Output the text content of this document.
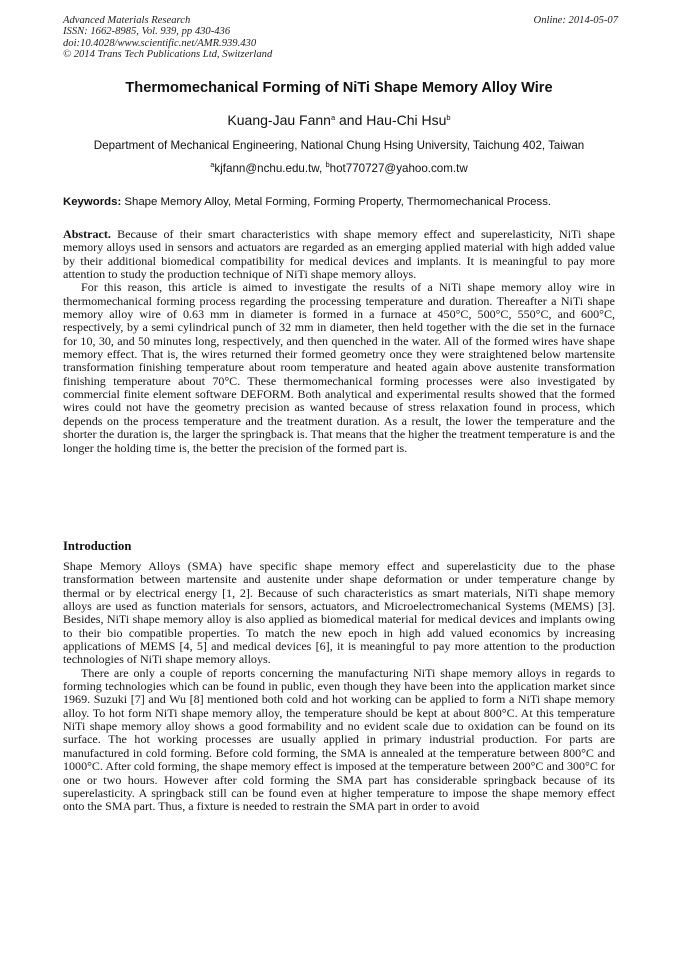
Advanced Materials Research
ISSN: 1662-8985, Vol. 939, pp 430-436
doi:10.4028/www.scientific.net/AMR.939.430
© 2014 Trans Tech Publications Ltd, Switzerland
Online: 2014-05-07
Thermomechanical Forming of NiTi Shape Memory Alloy Wire
Kuang-Jau Fann$^a$ and Hau-Chi Hsu$^b$
Department of Mechanical Engineering, National Chung Hsing University, Taichung 402, Taiwan
$^a$kjfann@nchu.edu.tw, $^b$hot770727@yahoo.com.tw
Keywords: Shape Memory Alloy, Metal Forming, Forming Property, Thermomechanical Process.

Abstract. Because of their smart characteristics with shape memory effect and superelasticity, NiTi shape memory alloys used in sensors and actuators are regarded as an emerging applied material with high added value by their additional biomedical compatibility for medical devices and implants. It is meaningful to pay more attention to study the production technique of NiTi shape memory alloys.

For this reason, this article is aimed to investigate the results of a NiTi shape memory alloy wire in thermomechanical forming process regarding the processing temperature and duration. Thereafter a NiTi shape memory alloy wire of 0.63 mm in diameter is formed in a furnace at 450°C, 500°C, 550°C, and 600°C, respectively, by a semi cylindrical punch of 32 mm in diameter, then held together with the die set in the furnace for 10, 30, and 50 minutes long, respectively, and then quenched in the water. All of the formed wires have shape memory effect. That is, the wires returned their formed geometry once they were straightened below martensite transformation finishing temperature about room temperature and heated again above austenite transformation finishing temperature about 70°C. These thermomechanical forming processes were also investigated by commercial finite element software DEFORM. Both analytical and experimental results showed that the formed wires could not have the geometry precision as wanted because of stress relaxation found in process, which depends on the process temperature and the treatment duration. As a result, the lower the temperature and the shorter the duration is, the larger the springback is. That means that the higher the treatment temperature is and the longer the holding time is, the better the precision of the formed part is.

Introduction

Shape Memory Alloys (SMA) have specific shape memory effect and superelasticity due to the phase transformation between martensite and austenite under shape deformation or under temperature change by thermal or by electrical energy [1, 2]. Because of such characteristics as smart materials, NiTi shape memory alloys are used as function materials for sensors, actuators, and Microelectromechanical Systems (MEMS) [3]. Besides, NiTi shape memory alloy is also applied as biomedical material for medical devices and implants owing to their bio compatible properties. To match the new epoch in high add valued economics by increasing applications of MEMS [4, 5] and medical devices [6], it is meaningful to pay more attention to the production technologies of NiTi shape memory alloys.

There are only a couple of reports concerning the manufacturing NiTi shape memory alloys in regards to forming technologies which can be found in public, even though they have been into the application market since 1969. Suzuki [7] and Wu [8] mentioned both cold and hot working can be applied to form a NiTi shape memory alloy. To hot form NiTi shape memory alloy, the temperature should be kept at about 800°C. At this temperature NiTi shape memory alloy shows a good formability and no evident scale due to oxidation can be found on its surface. The hot working processes are usually applied in primary industrial production. For parts are manufactured in cold forming. Before cold forming, the SMA is annealed at the temperature between 800°C and 1000°C. After cold forming, the shape memory effect is imposed at the temperature between 200°C and 300°C for one or two hours. However after cold forming the SMA part has considerable springback because of its superelasticity. A springback still can be found even at higher temperature to impose the shape memory effect onto the SMA part. Thus, a fixture is needed to restrain the SMA part in order to avoid
